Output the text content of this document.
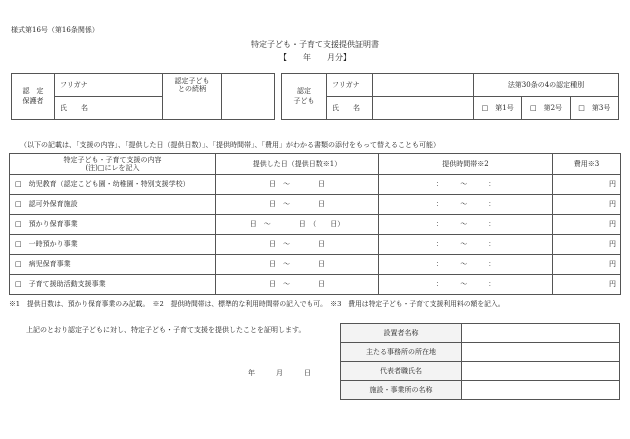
様式第16号（第16条関係）
特定子ども・子育て支援提供証明書
【　　年　　月分】
認　定
保護者	フリガナ		認定子ども
との続柄	
	氏　　名			
認定
子ども	フリガナ		法第30条の4の認定種別		
	氏　　名		□　第1号	□　第2号	□　第3号
（以下の記載は、「支援の内容」、「提供した日（提供日数）」、「提供時間帯」、「費用」がわかる書類の添付をもって替えることも可能）
特定子ども・子育て支援の内容
(注)□にレを記入	提供した日（提供日数※1）	提供時間帯※2	費用※3
□　幼児教育（認定こども園・幼稚園・特別支援学校）	日　～　　　　日	：　　　～　　　：	円
□　認可外保育施設	日　～　　　　日	：　　　～　　　：	円
□　預かり保育事業	日　～　　　　日　（　　日）	：　　　～　　　：	円
□　一時預かり事業	日　～　　　　日	：　　　～　　　：	円
□　病児保育事業	日　～　　　　日	：　　　～　　　：	円
□　子育て援助活動支援事業	日　～　　　　日	：　　　～　　　：	円
※1　提供日数は、預かり保育事業のみ記載。　※2　提供時間帯は、標準的な利用時間帯の記入でも可。　※3　費用は特定子ども・子育て支援利用料の額を記入。
上記のとおり認定子どもに対し、特定子ども・子育て支援を提供したことを証明します。
年　　　月　　　日
設置者名称	
主たる事務所の所在地	
代表者職氏名	
施設・事業所の名称	
